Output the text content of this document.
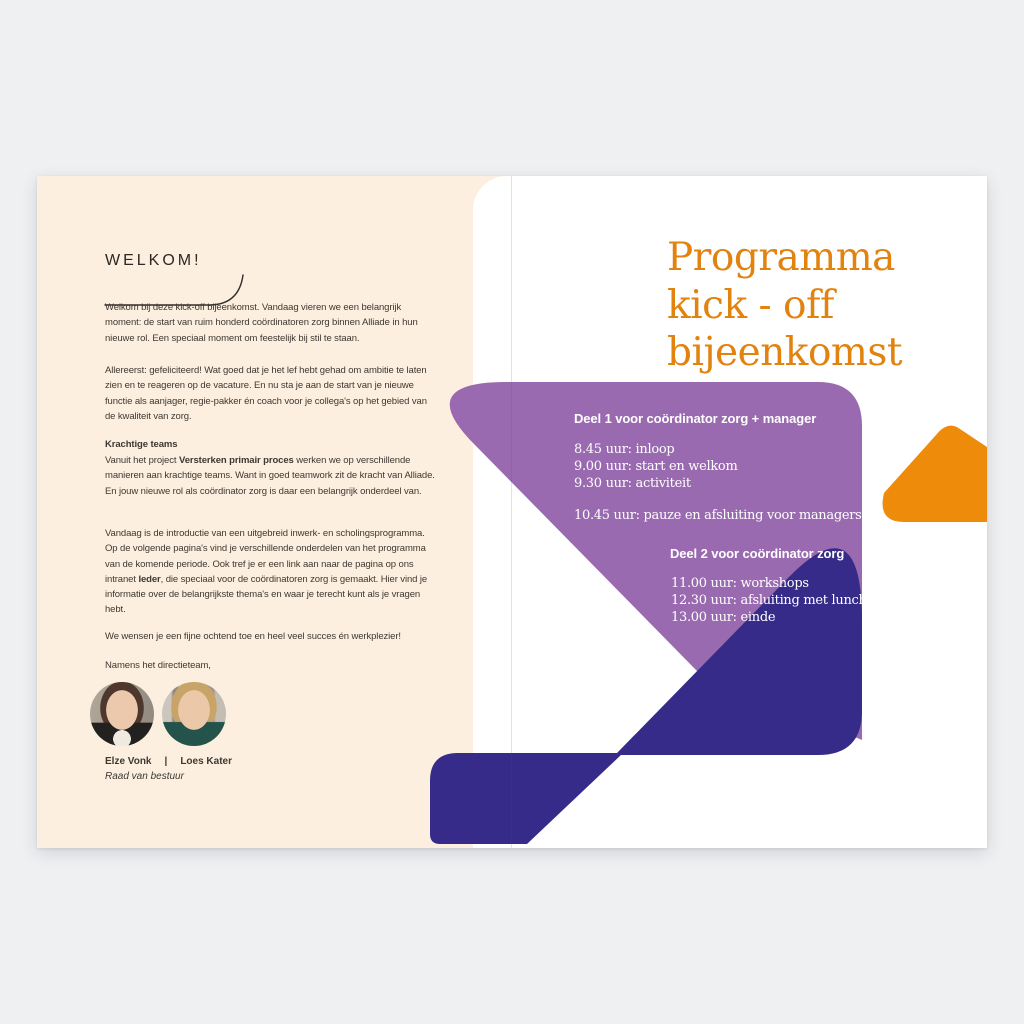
WELKOM!

Welkom bij deze kick-off bijeenkomst. Vandaag vieren we een belangrijk moment: de start van ruim honderd coördinatoren zorg binnen Alliade in hun nieuwe rol. Een speciaal moment om feestelijk bij stil te staan.

Allereerst: gefeliciteerd! Wat goed dat je het lef hebt gehad om ambitie te laten zien en te reageren op de vacature. En nu sta je aan de start van je nieuwe functie als aanjager, regie-pakker én coach voor je collega's op het gebied van de kwaliteit van zorg.

Krachtige teams

Vanuit het project Versterken primair proces werken we op verschillende manieren aan krachtige teams. Want in goed teamwork zit de kracht van Alliade. En jouw nieuwe rol als coördinator zorg is daar een belangrijk onderdeel van.

Vandaag is de introductie van een uitgebreid inwerk- en scholingsprogramma. Op de volgende pagina's vind je verschillende onderdelen van het programma van de komende periode. Ook tref je er een link aan naar de pagina op ons intranet Ieder, die speciaal voor de coördinatoren zorg is gemaakt. Hier vind je informatie over de belangrijkste thema's en waar je terecht kunt als je vragen hebt.

We wensen je een fijne ochtend toe en heel veel succes én werkplezier!

Namens het directieteam,

Elze Vonk | Loes Kater
Raad van bestuur
Programma
kick - off
bijeenkomst
Deel 1 voor coördinator zorg + manager
8.45 uur: inloop
9.00 uur: start en welkom
9.30 uur: activiteit
10.45 uur: pauze en afsluiting voor managers
Deel 2 voor coördinator zorg
11.00 uur: workshops
12.30 uur: afsluiting met lunch
13.00 uur: einde
